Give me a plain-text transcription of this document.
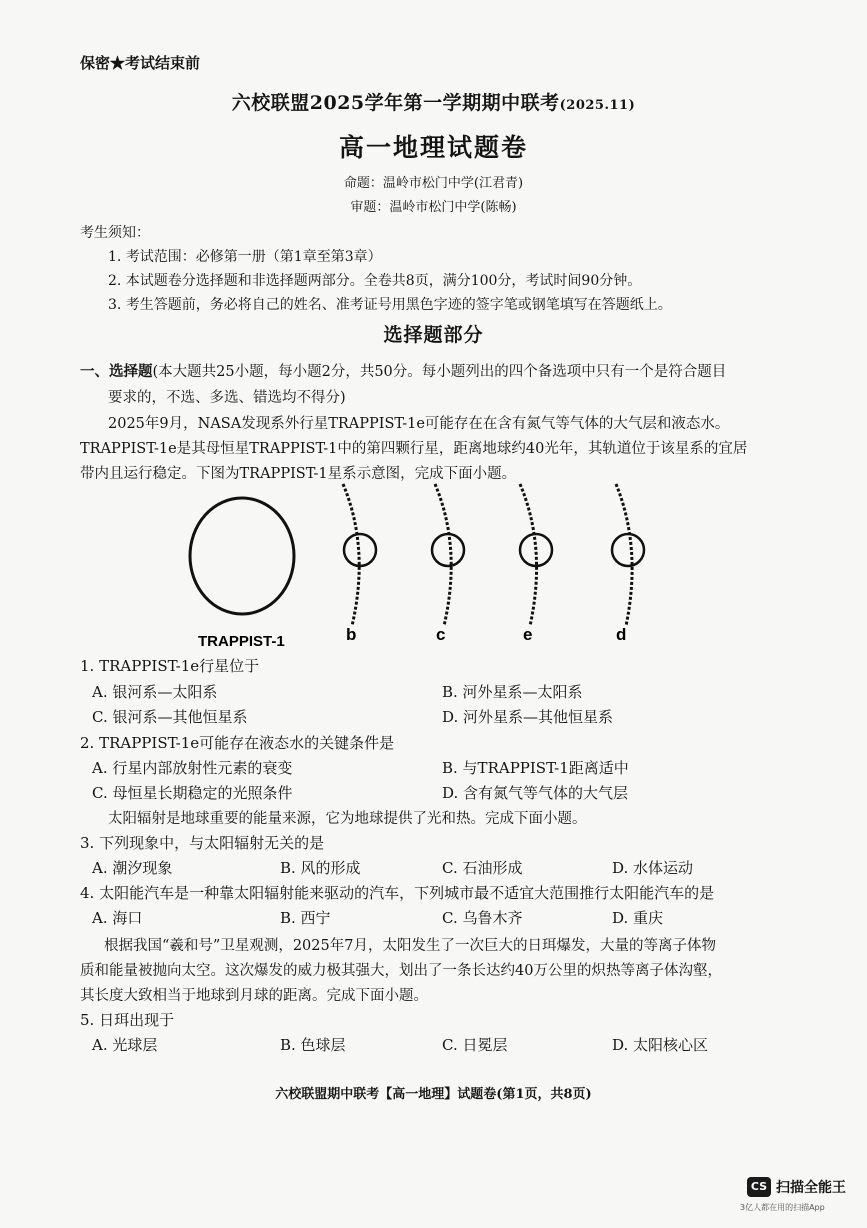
保密★考试结束前
六校联盟2025学年第一学期期中联考(2025.11)
高一地理试题卷
命题：温岭市松门中学(江君青)
审题：温岭市松门中学(陈畅)
考生须知：
1. 考试范围：必修第一册（第1章至第3章）
2. 本试题卷分选择题和非选择题两部分。全卷共8页，满分100分，考试时间90分钟。
3. 考生答题前，务必将自己的姓名、准考证号用黑色字迹的签字笔或钢笔填写在答题纸上。
选择题部分
一、选择题(本大题共25小题，每小题2分，共50分。每小题列出的四个备选项中只有一个是符合题目
要求的，不选、多选、错选均不得分)
2025年9月，NASA发现系外行星TRAPPIST-1e可能存在在含有氮气等气体的大气层和液态水。
TRAPPIST-1e是其母恒星TRAPPIST-1中的第四颗行星，距离地球约40光年，其轨道位于该星系的宜居
带内且运行稳定。下图为TRAPPIST-1星系示意图，完成下面小题。
TRAPPIST-1	b	c	e	d
1. TRAPPIST-1e行星位于
A. 银河系—太阳系	B. 河外星系—太阳系
C. 银河系—其他恒星系	D. 河外星系—其他恒星系
2. TRAPPIST-1e可能存在液态水的关键条件是
A. 行星内部放射性元素的衰变	B. 与TRAPPIST-1距离适中
C. 母恒星长期稳定的光照条件	D. 含有氮气等气体的大气层
太阳辐射是地球重要的能量来源，它为地球提供了光和热。完成下面小题。
3. 下列现象中，与太阳辐射无关的是
A. 潮汐现象	B. 风的形成	C. 石油形成	D. 水体运动
4. 太阳能汽车是一种靠太阳辐射能来驱动的汽车，下列城市最不适宜大范围推行太阳能汽车的是
A. 海口	B. 西宁	C. 乌鲁木齐	D. 重庆
根据我国“羲和号”卫星观测，2025年7月，太阳发生了一次巨大的日珥爆发，大量的等离子体物
质和能量被抛向太空。这次爆发的威力极其强大，划出了一条长达约40万公里的炽热等离子体沟壑，
其长度大致相当于地球到月球的距离。完成下面小题。
5. 日珥出现于
A. 光球层	B. 色球层	C. 日冕层	D. 太阳核心区
六校联盟期中联考【高一地理】试题卷(第1页，共8页)
CS 扫描全能王
3亿人都在用的扫描App
